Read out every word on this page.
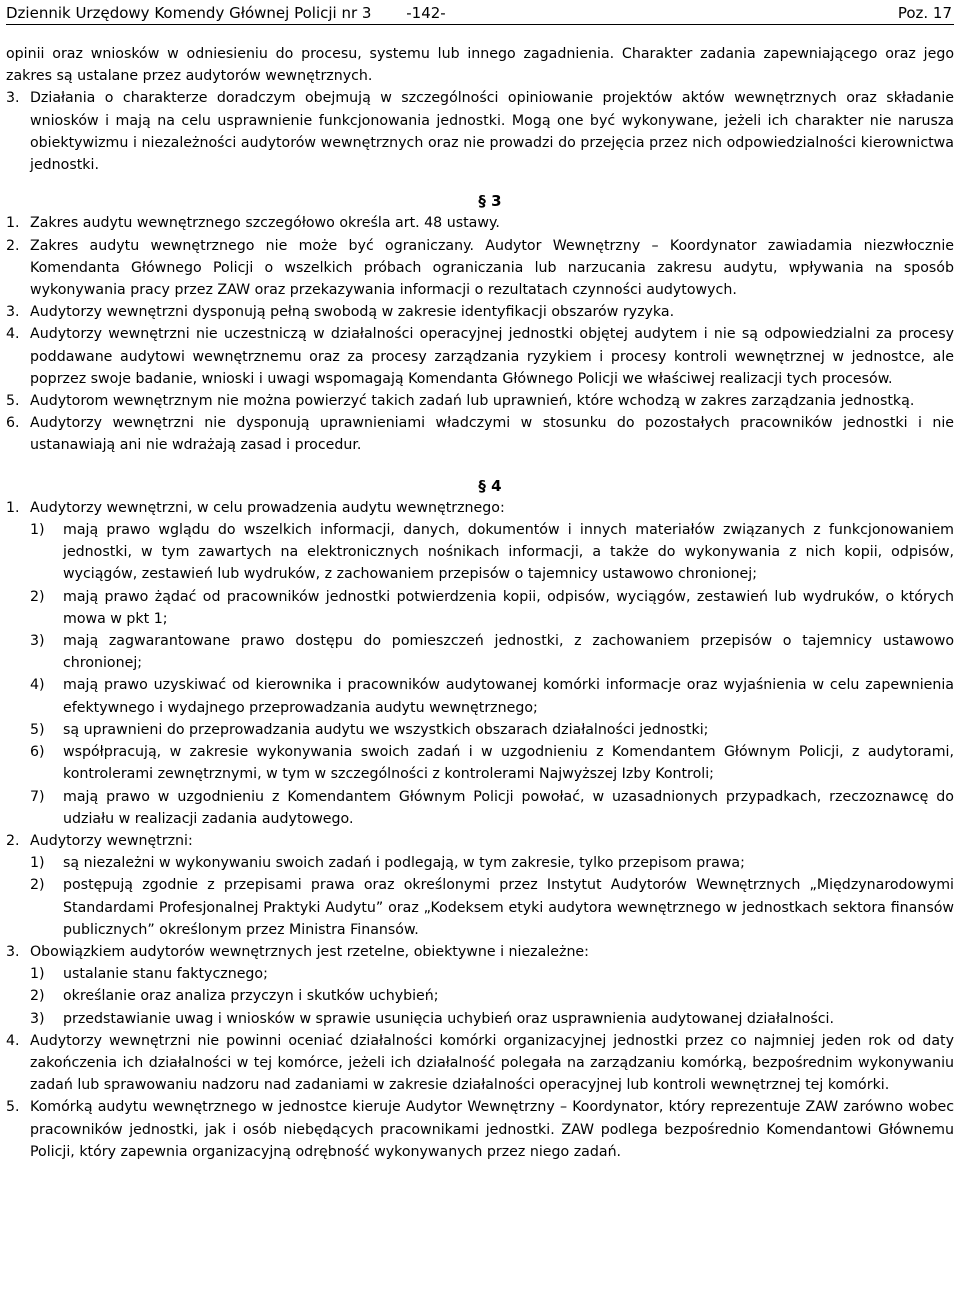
Dziennik Urzędowy Komendy Głównej Policji nr 3 -142-	Poz. 17

opinii oraz wniosków w odniesieniu do procesu, systemu lub innego zagadnienia. Charakter zadania zapewniającego oraz jego zakres są ustalane przez audytorów wewnętrznych.

3. Działania o charakterze doradczym obejmują w szczególności opiniowanie projektów aktów wewnętrznych oraz składanie wniosków i mają na celu usprawnienie funkcjonowania jednostki. Mogą one być wykonywane, jeżeli ich charakter nie narusza obiektywizmu i niezależności audytorów wewnętrznych oraz nie prowadzi do przejęcia przez nich odpowiedzialności kierownictwa jednostki.

§ 3
1. Zakres audytu wewnętrznego szczegółowo określa art. 48 ustawy.

2. Zakres audytu wewnętrznego nie może być ograniczany. Audytor Wewnętrzny – Koordynator zawiadamia niezwłocznie Komendanta Głównego Policji o wszelkich próbach ograniczania lub narzucania zakresu audytu, wpływania na sposób wykonywania pracy przez ZAW oraz przekazywania informacji o rezultatach czynności audytowych.

3. Audytorzy wewnętrzni dysponują pełną swobodą w zakresie identyfikacji obszarów ryzyka.

4. Audytorzy wewnętrzni nie uczestniczą w działalności operacyjnej jednostki objętej audytem i nie są odpowiedzialni za procesy poddawane audytowi wewnętrznemu oraz za procesy zarządzania ryzykiem i procesy kontroli wewnętrznej w jednostce, ale poprzez swoje badanie, wnioski i uwagi wspomagają Komendanta Głównego Policji we właściwej realizacji tych procesów.

5. Audytorom wewnętrznym nie można powierzyć takich zadań lub uprawnień, które wchodzą w zakres zarządzania jednostką.

6. Audytorzy wewnętrzni nie dysponują uprawnieniami władczymi w stosunku do pozostałych pracowników jednostki i nie ustanawiają ani nie wdrażają zasad i procedur.

§ 4
1. Audytorzy wewnętrzni, w celu prowadzenia audytu wewnętrznego:

1)	mają prawo wglądu do wszelkich informacji, danych, dokumentów i innych materiałów związanych z funkcjonowaniem jednostki, w tym zawartych na elektronicznych nośnikach informacji, a także do wykonywania z nich kopii, odpisów, wyciągów, zestawień lub wydruków, z zachowaniem przepisów o tajemnicy ustawowo chronionej;
2)	mają prawo żądać od pracowników jednostki potwierdzenia kopii, odpisów, wyciągów, zestawień lub wydruków, o których mowa w pkt 1;
3)	mają zagwarantowane prawo dostępu do pomieszczeń jednostki, z zachowaniem przepisów o tajemnicy ustawowo chronionej;
4)	mają prawo uzyskiwać od kierownika i pracowników audytowanej komórki informacje oraz wyjaśnienia w celu zapewnienia efektywnego i wydajnego przeprowadzania audytu wewnętrznego;
5)	są uprawnieni do przeprowadzania audytu we wszystkich obszarach działalności jednostki;
6)	współpracują, w zakresie wykonywania swoich zadań i w uzgodnieniu z Komendantem Głównym Policji, z audytorami, kontrolerami zewnętrznymi, w tym w szczególności z kontrolerami Najwyższej Izby Kontroli;
7)	mają prawo w uzgodnieniu z Komendantem Głównym Policji powołać, w uzasadnionych przypadkach, rzeczoznawcę do udziału w realizacji zadania audytowego.
2. Audytorzy wewnętrzni:

1)	są niezależni w wykonywaniu swoich zadań i podlegają, w tym zakresie, tylko przepisom prawa;
2)	postępują zgodnie z przepisami prawa oraz określonymi przez Instytut Audytorów Wewnętrznych „Międzynarodowymi Standardami Profesjonalnej Praktyki Audytu” oraz „Kodeksem etyki audytora wewnętrznego w jednostkach sektora finansów publicznych” określonym przez Ministra Finansów.
3. Obowiązkiem audytorów wewnętrznych jest rzetelne, obiektywne i niezależne:

1)	ustalanie stanu faktycznego;
2)	określanie oraz analiza przyczyn i skutków uchybień;
3)	przedstawianie uwag i wniosków w sprawie usunięcia uchybień oraz usprawnienia audytowanej działalności.
4. Audytorzy wewnętrzni nie powinni oceniać działalności komórki organizacyjnej jednostki przez co najmniej jeden rok od daty zakończenia ich działalności w tej komórce, jeżeli ich działalność polegała na zarządzaniu komórką, bezpośrednim wykonywaniu zadań lub sprawowaniu nadzoru nad zadaniami w zakresie działalności operacyjnej lub kontroli wewnętrznej tej komórki.

5. Komórką audytu wewnętrznego w jednostce kieruje Audytor Wewnętrzny – Koordynator, który reprezentuje ZAW zarówno wobec pracowników jednostki, jak i osób niebędących pracownikami jednostki. ZAW podlega bezpośrednio Komendantowi Głównemu Policji, który zapewnia organizacyjną odrębność wykonywanych przez niego zadań.
